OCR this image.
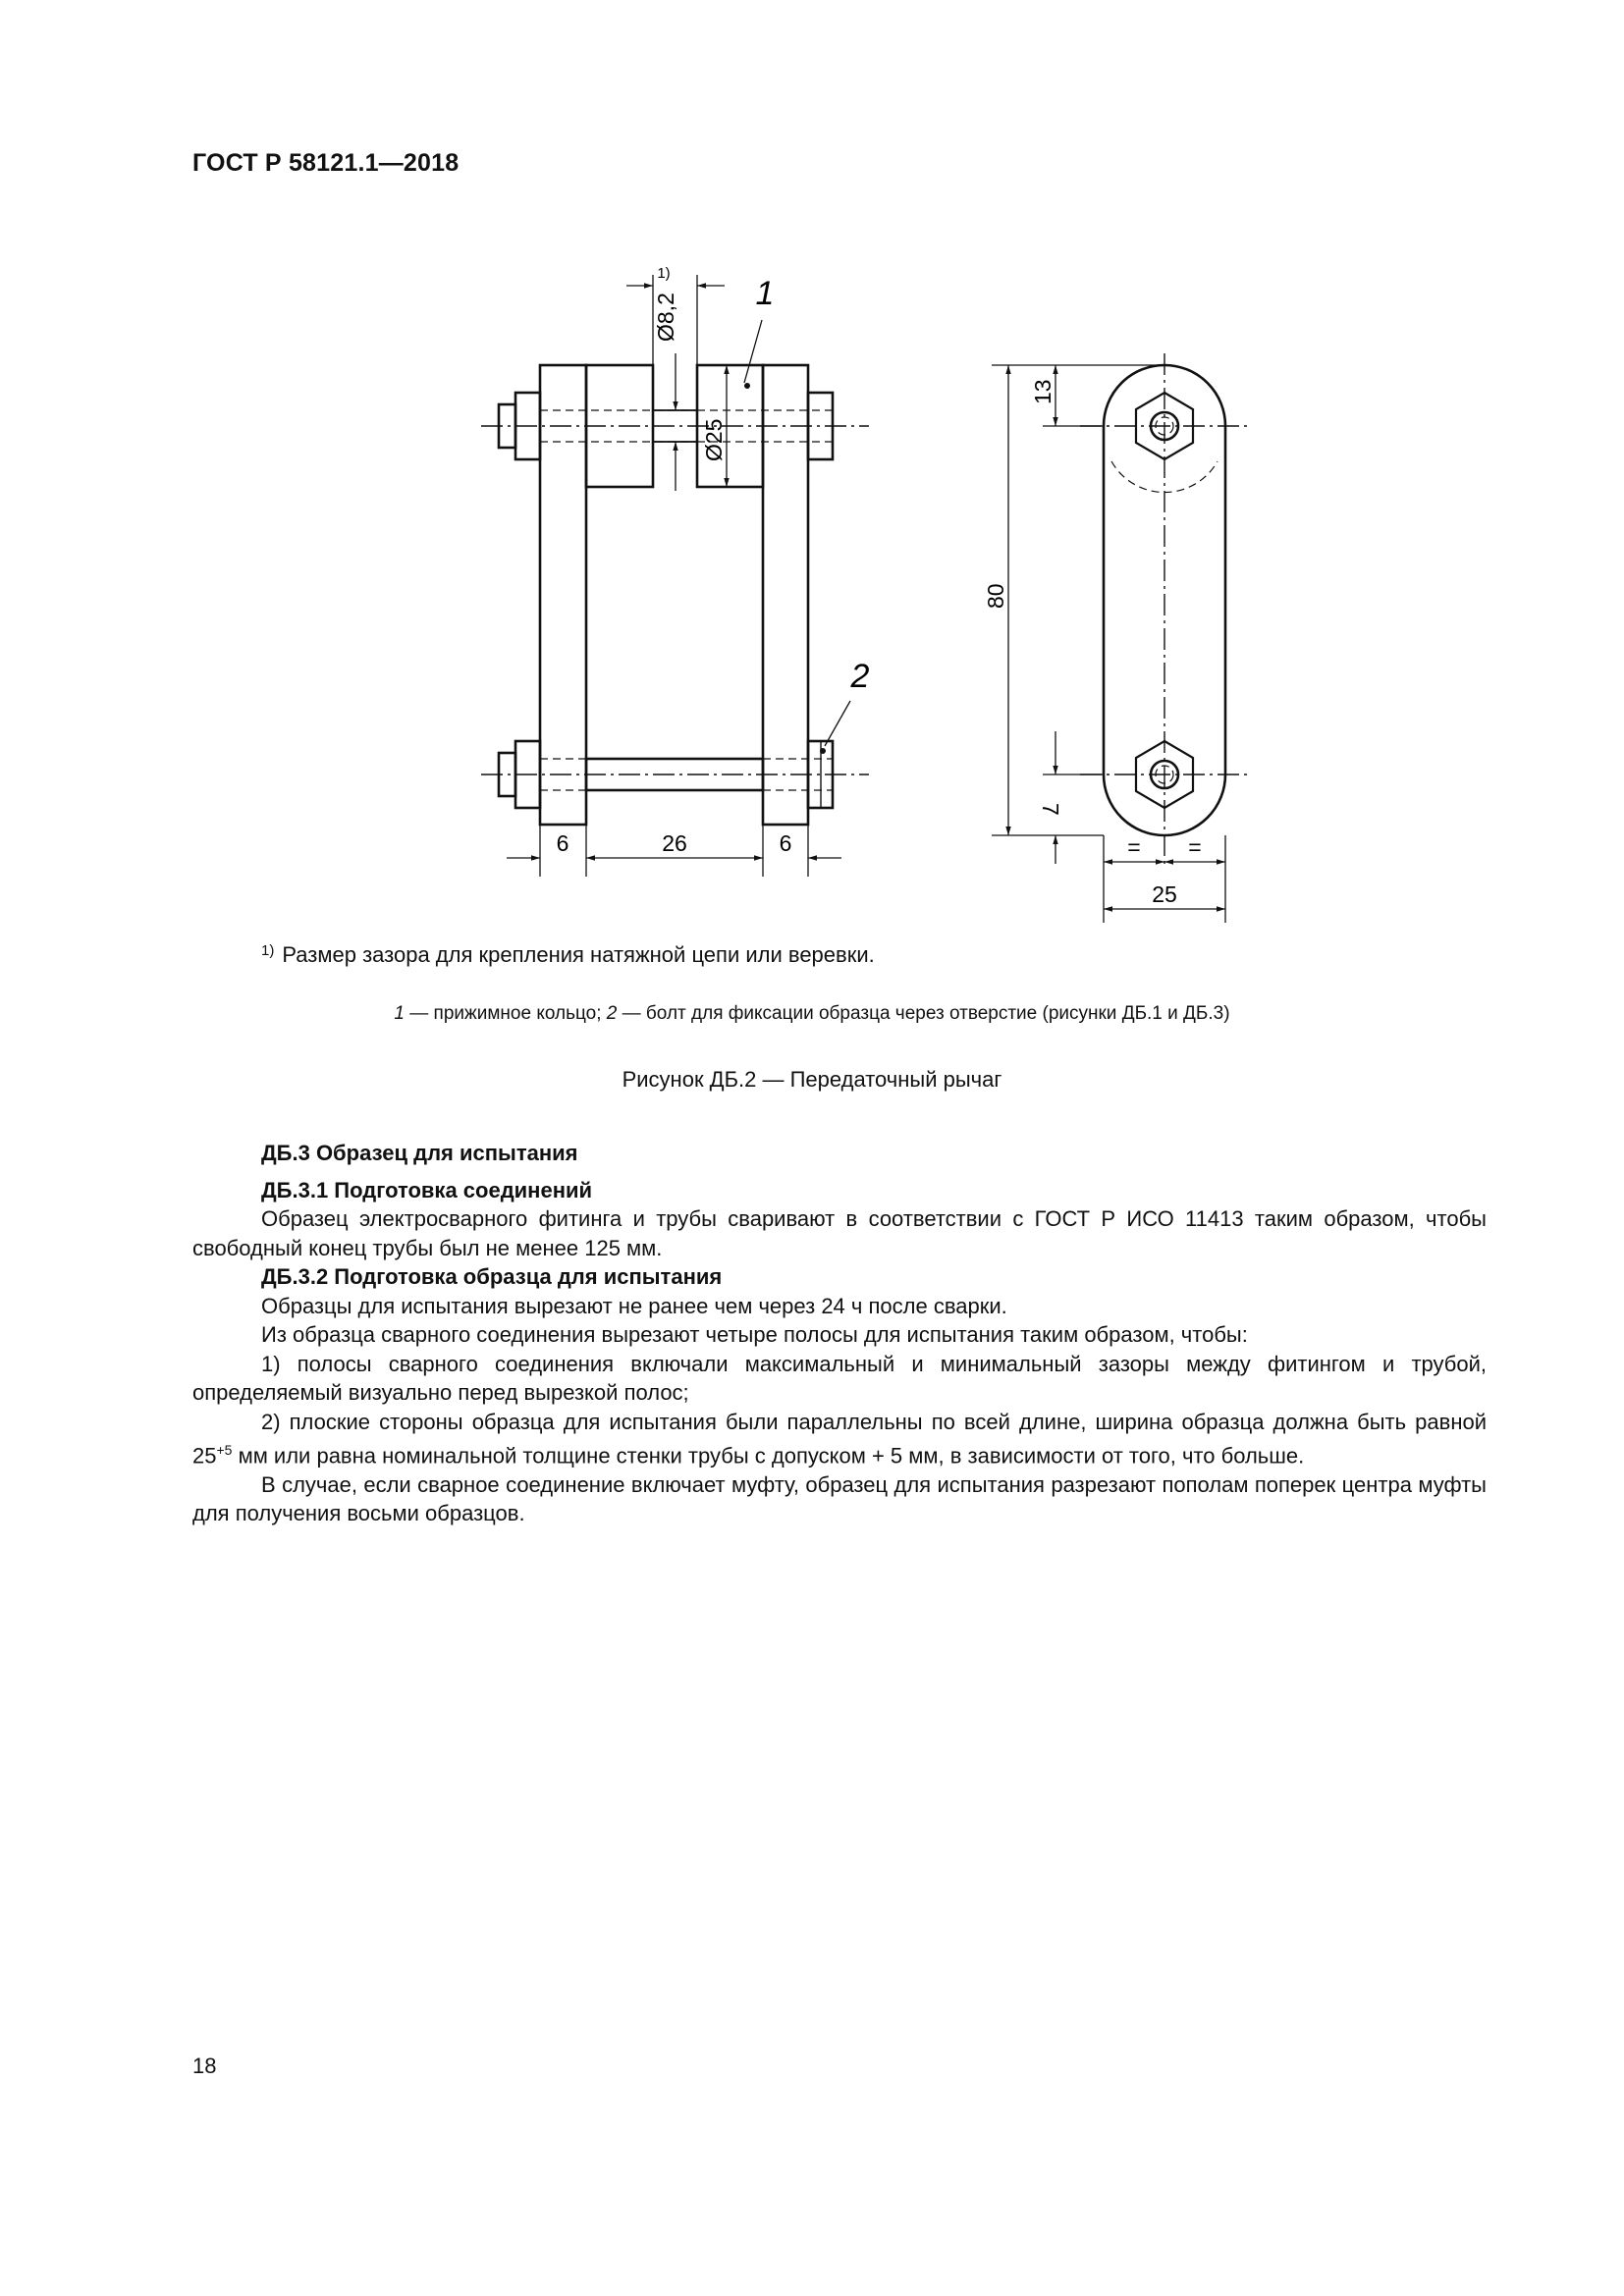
ГОСТ Р 58121.1—2018
1)
Ø8,2
Ø25
1
2
6	26	6
13
80
7
= =
25
$^{1)}$ Размер зазора для крепления натяжной цепи или веревки.
1 — прижимное кольцо; 2 — болт для фиксации образца через отверстие (рисунки ДБ.1 и ДБ.3)
Рисунок ДБ.2 — Передаточный рычаг
ДБ.3 Образец для испытания
ДБ.3.1 Подготовка соединений

Образец электросварного фитинга и трубы сваривают в соответствии с ГОСТ Р ИСО 11413 таким образом, чтобы свободный конец трубы был не менее 125 мм.

ДБ.3.2 Подготовка образца для испытания

Образцы для испытания вырезают не ранее чем через 24 ч после сварки.

Из образца сварного соединения вырезают четыре полосы для испытания таким образом, чтобы:

1) полосы сварного соединения включали максимальный и минимальный зазоры между фитингом и трубой, определяемый визуально перед вырезкой полос;

2) плоские стороны образца для испытания были параллельны по всей длине, ширина образца должна быть равной $25^{+5}$ мм или равна номинальной толщине стенки трубы с допуском + 5 мм, в зависимости от того, что больше.

В случае, если сварное соединение включает муфту, образец для испытания разрезают пополам поперек центра муфты для получения восьми образцов.

18
